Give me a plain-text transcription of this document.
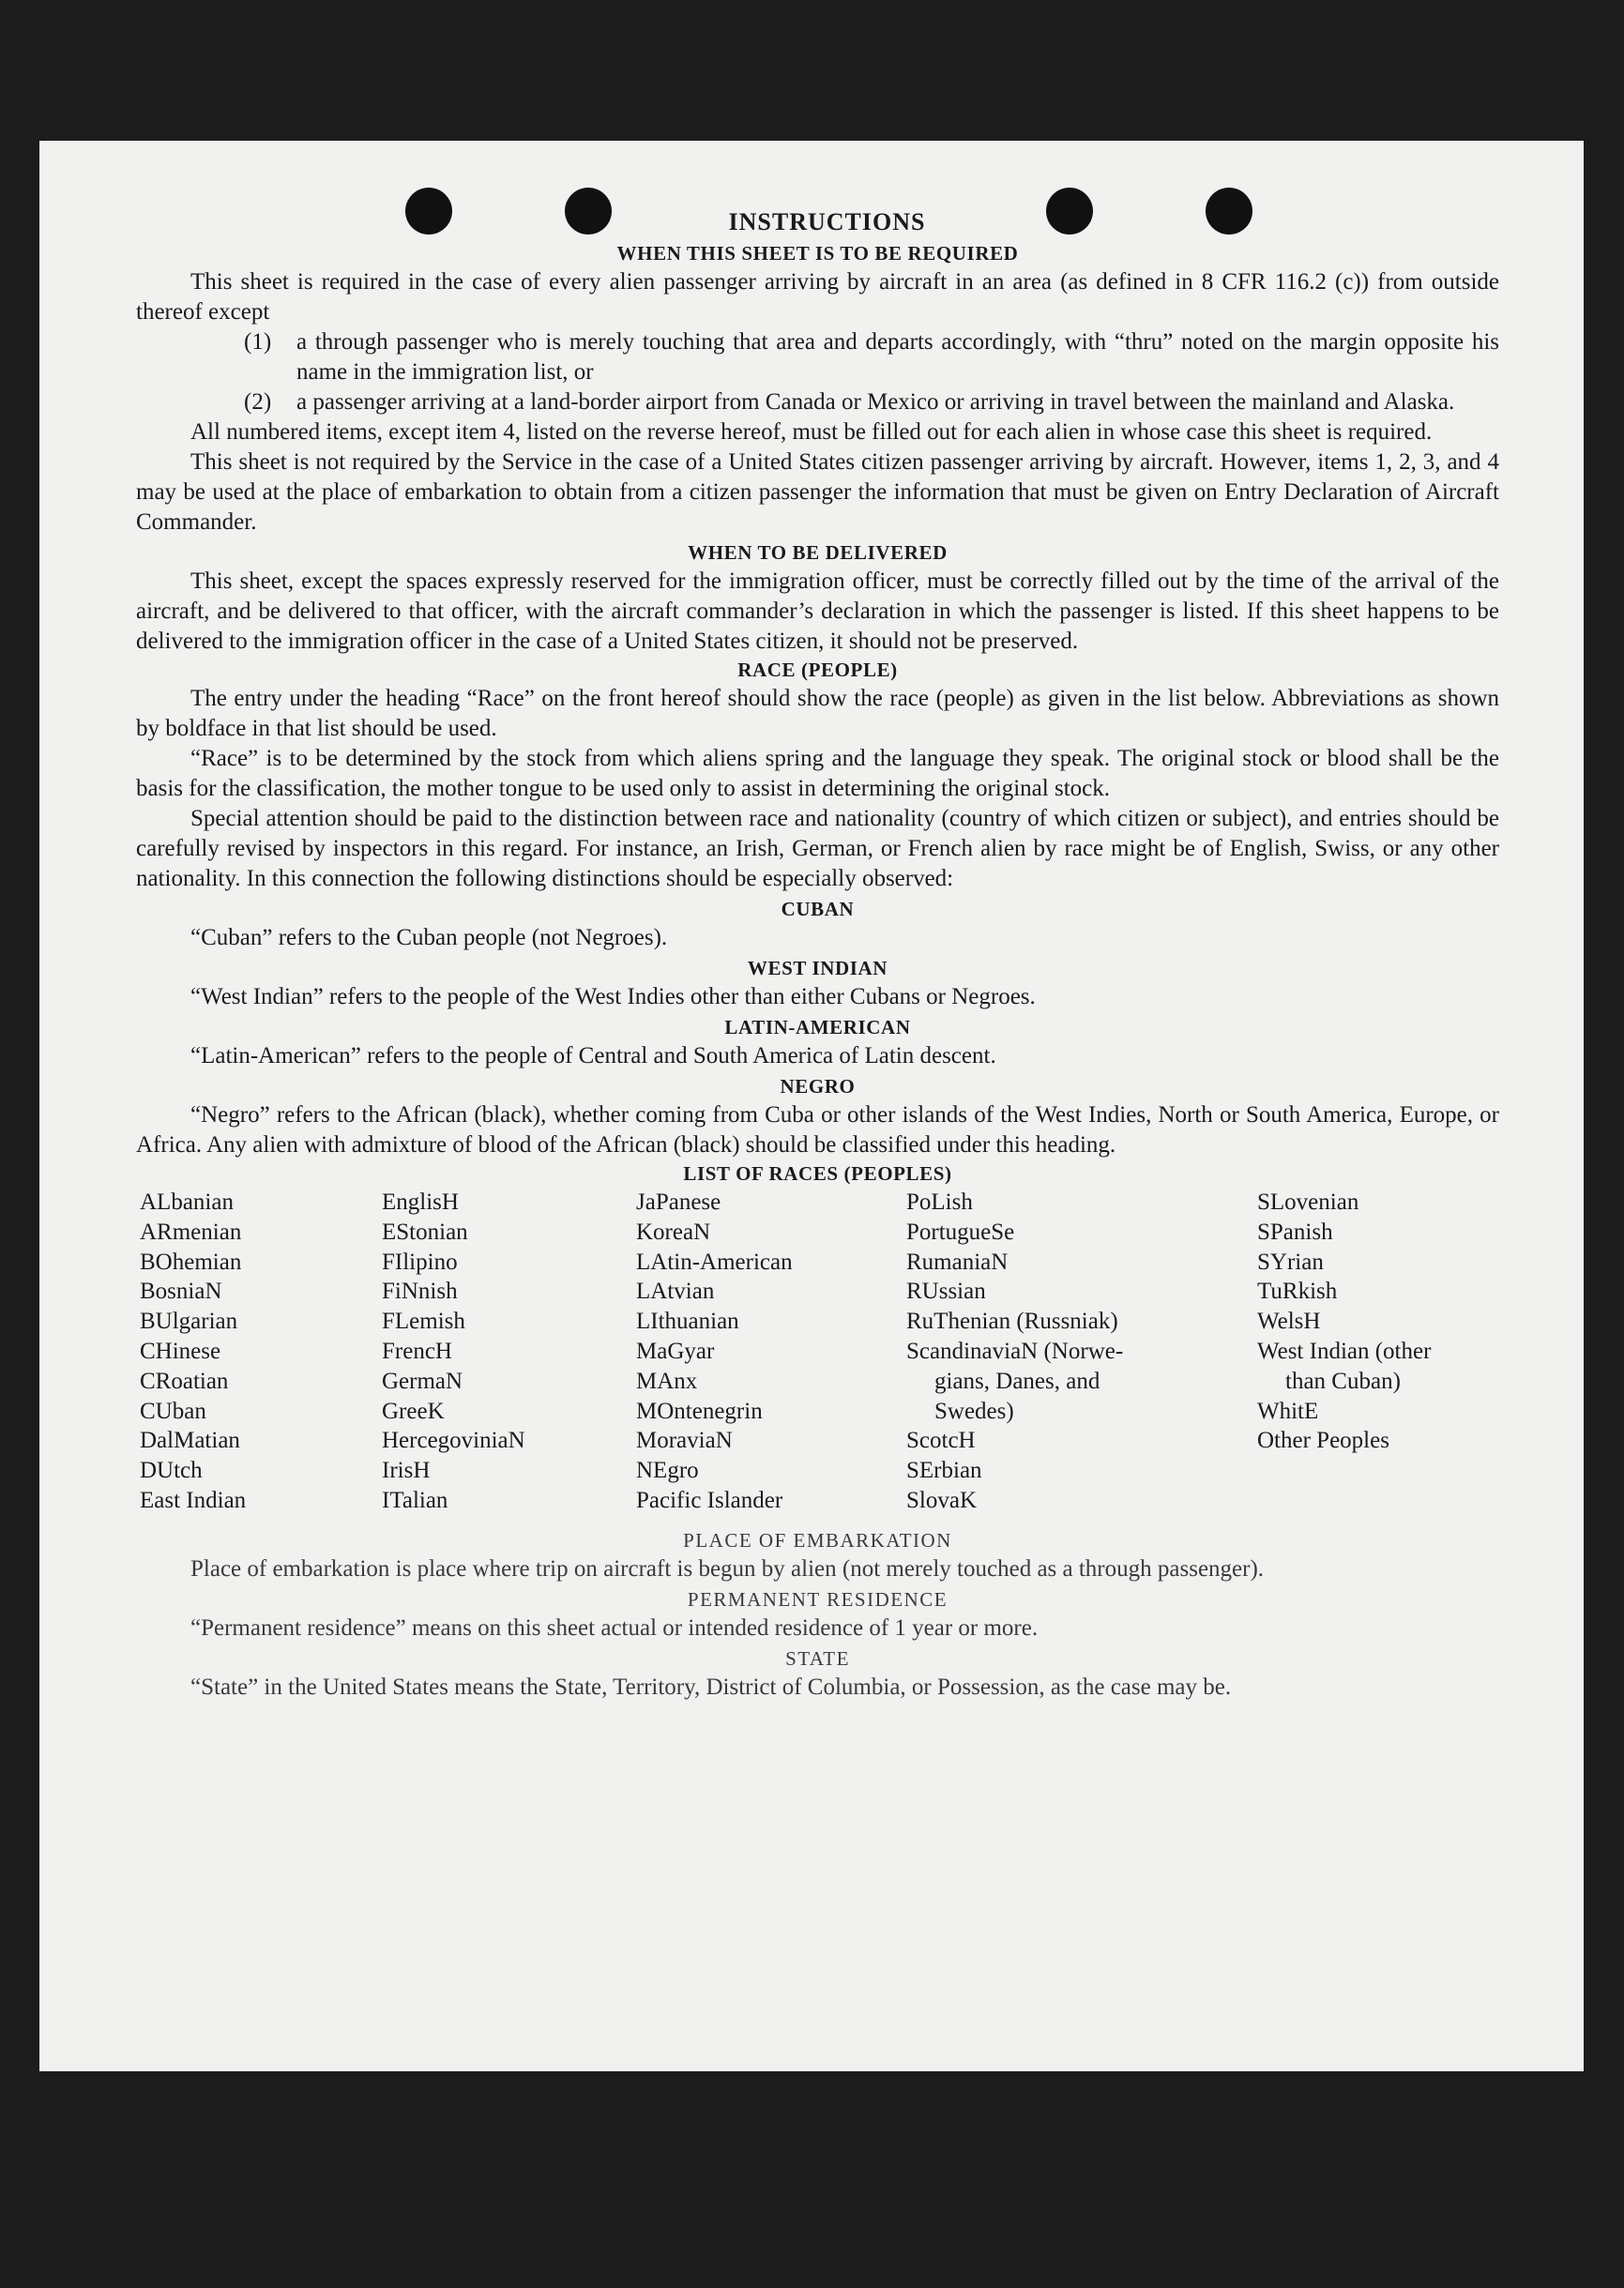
INSTRUCTIONS
WHEN THIS SHEET IS TO BE REQUIRED

This sheet is required in the case of every alien passenger arriving by aircraft in an area (as defined in 8 CFR 116.2 (c)) from outside thereof except

(1)	a through passenger who is merely touching that area and departs accordingly, with “thru” noted on the margin opposite his name in the immigration list, or
(2)	a passenger arriving at a land-border airport from Canada or Mexico or arriving in travel between the mainland and Alaska.

All numbered items, except item 4, listed on the reverse hereof, must be filled out for each alien in whose case this sheet is required.

This sheet is not required by the Service in the case of a United States citizen passenger arriving by aircraft. However, items 1, 2, 3, and 4 may be used at the place of embarkation to obtain from a citizen passenger the information that must be given on Entry Declaration of Aircraft Commander.

WHEN TO BE DELIVERED

This sheet, except the spaces expressly reserved for the immigration officer, must be correctly filled out by the time of the arrival of the aircraft, and be delivered to that officer, with the aircraft commander’s declaration in which the passenger is listed. If this sheet happens to be delivered to the immigration officer in the case of a United States citizen, it should not be preserved.

RACE (PEOPLE)

The entry under the heading “Race” on the front hereof should show the race (people) as given in the list below. Abbreviations as shown by boldface in that list should be used.

“Race” is to be determined by the stock from which aliens spring and the language they speak. The original stock or blood shall be the basis for the classification, the mother tongue to be used only to assist in determining the original stock.

Special attention should be paid to the distinction between race and nationality (country of which citizen or subject), and entries should be carefully revised by inspectors in this regard. For instance, an Irish, German, or French alien by race might be of English, Swiss, or any other nationality. In this connection the following distinctions should be especially observed:

CUBAN

“Cuban” refers to the Cuban people (not Negroes).

WEST INDIAN

“West Indian” refers to the people of the West Indies other than either Cubans or Negroes.

LATIN-AMERICAN

“Latin-American” refers to the people of Central and South America of Latin descent.

NEGRO

“Negro” refers to the African (black), whether coming from Cuba or other islands of the West Indies, North or South America, Europe, or Africa. Any alien with admixture of blood of the African (black) should be classified under this heading.

LIST OF RACES (PEOPLES)
ALbanian	EnglisH	JaPanese	PoLish	SLovenian
ARmenian	EStonian	KoreaN	PortugueSe	SPanish
BOhemian	FIlipino	LAtin-American	RumaniaN	SYrian
BosniaN	FiNnish	LAtvian	RUssian	TuRkish
BUlgarian	FLemish	LIthuanian	RuThenian (Russniak)	WelsH
CHinese	FrencH	MaGyar	ScandinaviaN (Norwe-	West Indian (other
CRoatian	GermaN	MAnx	gians, Danes, and	than Cuban)
CUban	GreeK	MOntenegrin	Swedes)	WhitE
DalMatian	HercegoviniaN	MoraviaN	ScotcH	Other Peoples
DUtch	IrisH	NEgro	SErbian
East Indian	ITalian	Pacific Islander	SlovaK
PLACE OF EMBARKATION

Place of embarkation is place where trip on aircraft is begun by alien (not merely touched as a through passenger).

PERMANENT RESIDENCE

“Permanent residence” means on this sheet actual or intended residence of 1 year or more.

STATE

“State” in the United States means the State, Territory, District of Columbia, or Possession, as the case may be.
